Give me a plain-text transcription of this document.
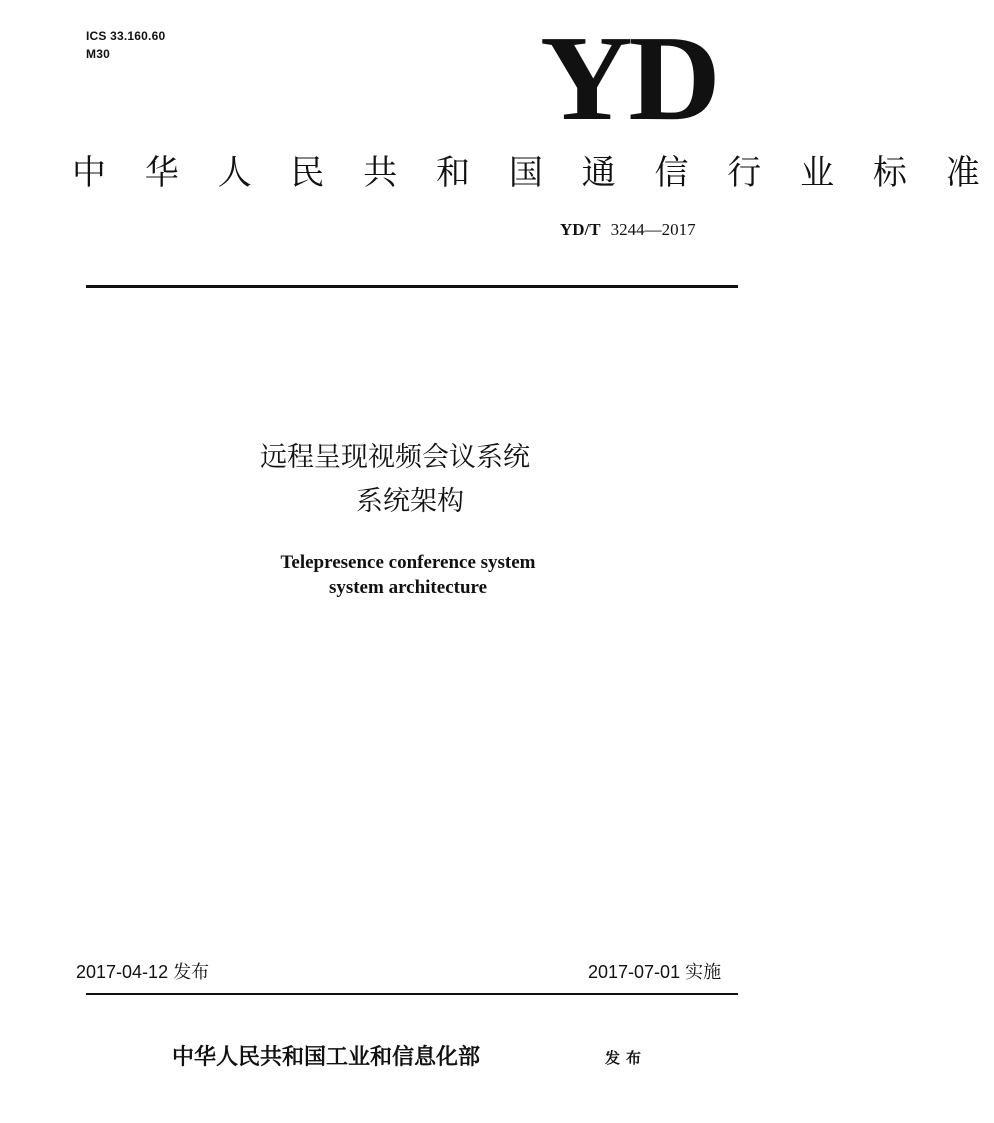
ICS 33.160.60
M30	YD
中 华 人 民 共 和 国 通 信 行 业 标 准
YD/T 3244—2017
远程呈现视频会议系统
系统架构
Telepresence conference system
system architecture
2017-04-12 发布	2017-07-01 实施
中华人民共和国工业和信息化部	发布
